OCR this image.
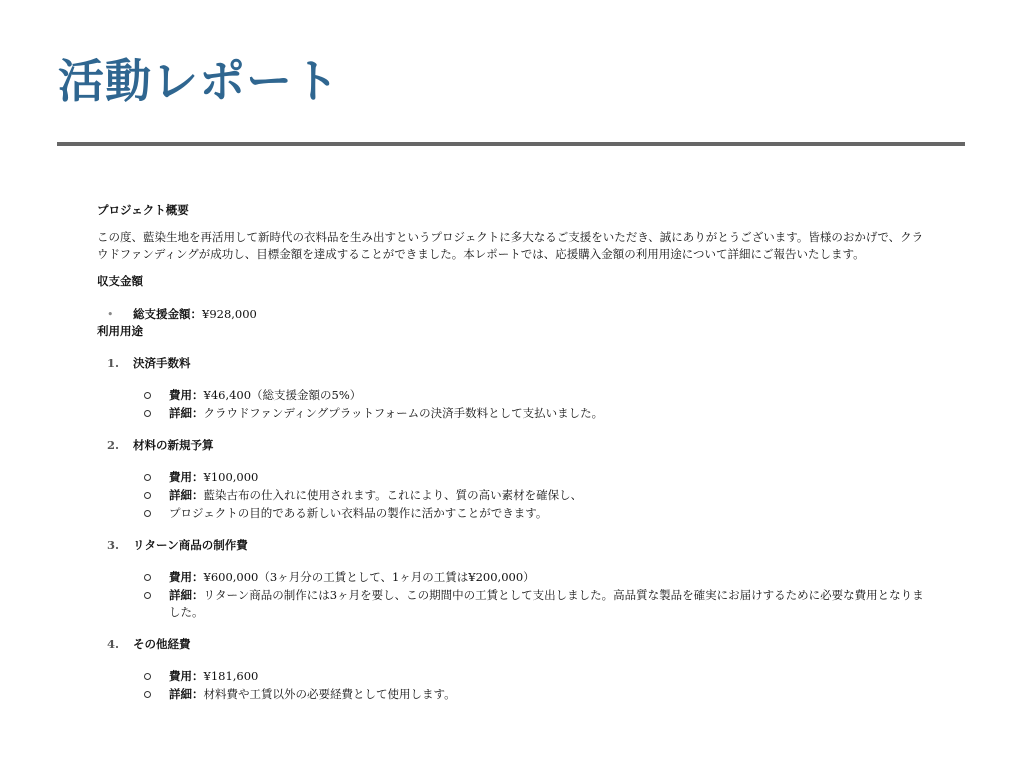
活動レポート

プロジェクト概要

この度、藍染生地を再活用して新時代の衣料品を生み出すというプロジェクトに多大なるご支援をいただき、誠にありがとうございます。皆様のおかげで、クラウドファンディングが成功し、目標金額を達成することができました。本レポートでは、応援購入金額の利用用途について詳細にご報告いたします。

収支金額

• 総支援金額：¥928,000

利用用途

1. 決済手数料
費用：¥46,400（総支援金額の5%）
詳細：クラウドファンディングプラットフォームの決済手数料として支払いました。
2. 材料の新規予算
費用：¥100,000
詳細：藍染古布の仕入れに使用されます。これにより、質の高い素材を確保し、
プロジェクトの目的である新しい衣料品の製作に活かすことができます。
3. リターン商品の制作費
費用：¥600,000（3ヶ月分の工賃として、1ヶ月の工賃は¥200,000）
詳細：リターン商品の制作には3ヶ月を要し、この期間中の工賃として支出しました。高品質な製品を確実にお届けするために必要な費用となりました。
4. その他経費
費用：¥181,600
詳細：材料費や工賃以外の必要経費として使用します。
